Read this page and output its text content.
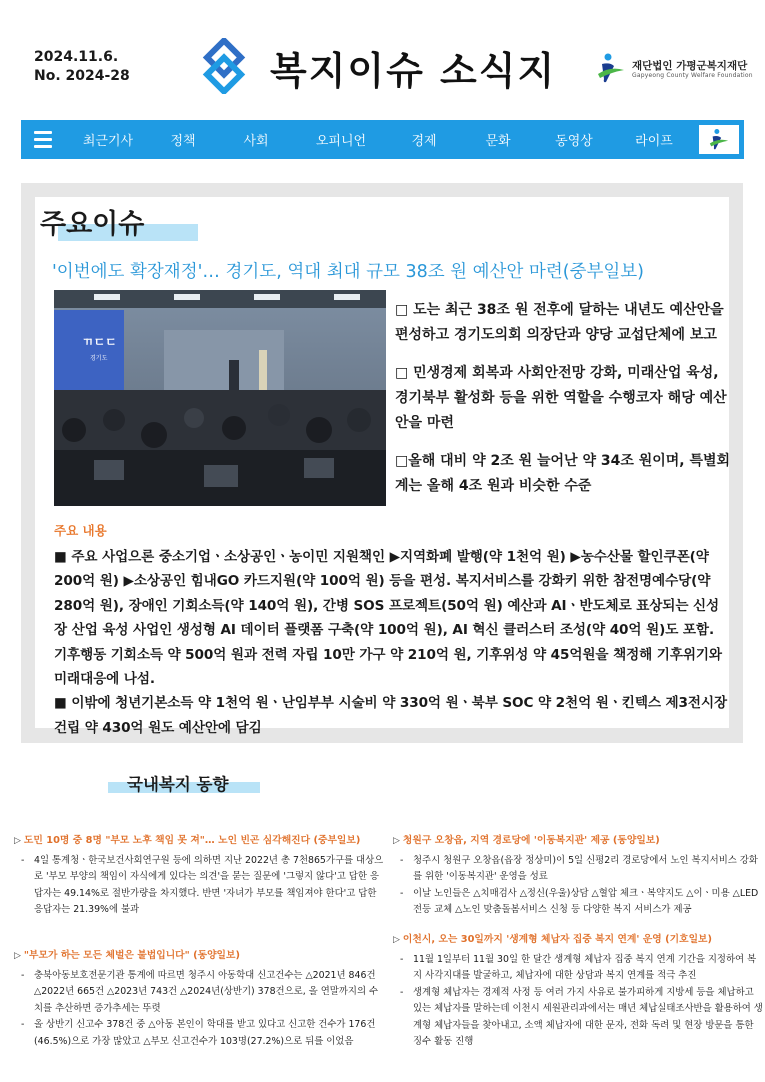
2024.11.6.
No. 2024-28	복지이슈 소식지	재단법인 가평군복지재단
Gapyeong County Welfare Foundation
최근기사	정책	사회	오피니언	경제	문화	동영상	라이프
주요이슈
'이번에도 확장재정'… 경기도, 역대 최대 규모 38조 원 예산안 마련(중부일보)
ㄲㄷㄷ
경기도

□ 도는 최근 38조 원 전후에 달하는 내년도 예산안을 편성하고 경기도의회 의장단과 양당 교섭단체에 보고

□ 민생경제 회복과 사회안전망 강화, 미래산업 육성, 경기북부 활성화 등을 위한 역할을 수행코자 해당 예산안을 마련

□올해 대비 약 2조 원 늘어난 약 34조 원이며, 특별회계는 올해 4조 원과 비슷한 수준

주요 내용

■ 주요 사업으론 중소기업ㆍ소상공인ㆍ농이민 지원책인 ▶지역화폐 발행(약 1천억 원) ▶농수산물 할인쿠폰(약 200억 원) ▶소상공인 힘내GO 카드지원(약 100억 원) 등을 편성. 복지서비스를 강화키 위한 참전명예수당(약 280억 원), 장애인 기회소득(약 140억 원), 간병 SOS 프로젝트(50억 원) 예산과 AIㆍ반도체로 표상되는 신성장 산업 육성 사업인 생성형 AI 데이터 플랫폼 구축(약 100억 원), AI 혁신 클러스터 조성(약 40억 원)도 포함. 기후행동 기회소득 약 500억 원과 전력 자립 10만 가구 약 210억 원, 기후위성 약 45억원을 책정해 기후위기와 미래대응에 나섬.

■ 이밖에 청년기본소득 약 1천억 원ㆍ난임부부 시술비 약 330억 원ㆍ북부 SOC 약 2천억 원ㆍ킨텍스 제3전시장 건립 약 430억 원도 예산안에 담김

국내복지 동향
▷ 도민 10명 중 8명 "부모 노후 책임 못 져"… 노인 빈곤 심각해진다 (중부일보)
- 4일 통계청ㆍ한국보건사회연구원 등에 의하면 지난 2022년 총 7천865가구를 대상으로 '부모 부양의 책임이 자식에게 있다는 의견'을 묻는 질문에 '그렇지 않다'고 답한 응답자는 49.14%로 절반가량을 차지했다. 반면 '자녀가 부모를 책임져야 한다'고 답한 응답자는 21.39%에 불과
▷ "부모가 하는 모든 체벌은 불법입니다" (동양일보)
- 충북아동보호전문기관 통계에 따르면 청주시 아동학대 신고건수는 △2021년 846건 △2022년 665건 △2023년 743건 △2024년(상반기) 378건으로, 올 연말까지의 수치를 추산하면 증가추세는 뚜렷
- 올 상반기 신고수 378건 중 △아동 본인이 학대를 받고 있다고 신고한 건수가 176건(46.5%)으로 가장 많았고 △부모 신고건수가 103명(27.2%)으로 뒤를 이었음
▷ 청원구 오창읍, 지역 경로당에 '이동복지관' 제공 (동양일보)
- 청주시 청원구 오창읍(읍장 정상미)이 5일 신평2리 경로당에서 노인 복지서비스 강화를 위한 '이동복지관' 운영을 성료
- 이날 노인들은 △치매검사 △정신(우울)상담 △혈압 체크ㆍ복약지도 △이ㆍ미용 △LED 전등 교체 △노인 맞춤돌봄서비스 신청 등 다양한 복지 서비스가 제공
▷ 이천시, 오는 30일까지 '생계형 체납자 집중 복지 연계' 운영 (기호일보)
- 11월 1일부터 11월 30일 한 달간 생계형 체납자 집중 복지 연계 기간을 지정하여 복지 사각지대를 발굴하고, 체납자에 대한 상담과 복지 연계를 적극 추진
- 생계형 체납자는 경제적 사정 등 여러 가지 사유로 불가피하게 지방세 등을 체납하고 있는 체납자를 말하는데 이천시 세원관리과에서는 매년 체납실태조사반을 활용하여 생계형 체납자들을 찾아내고, 소액 체납자에 대한 문자, 전화 독려 및 현장 방문을 통한 징수 활동 진행
